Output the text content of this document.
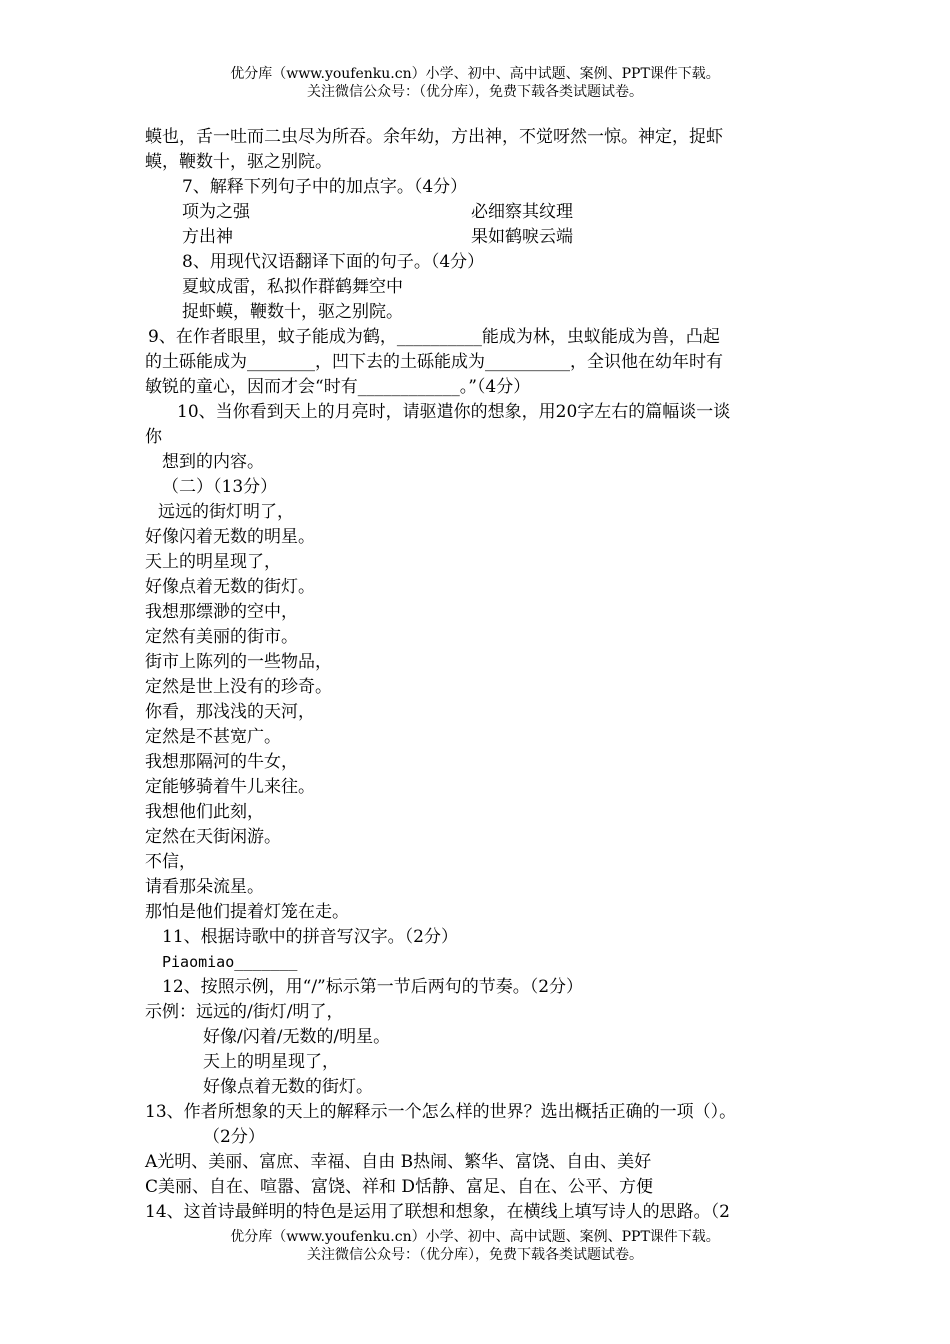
优分库（www.youfenku.cn）小学、初中、高中试题、案例、PPT课件下载。
关注微信公众号：（优分库），免费下载各类试题试卷。
蟆也，舌一吐而二虫尽为所吞。余年幼，方出神，不觉呀然一惊。神定，捉虾
蟆，鞭数十，驱之别院。
7、解释下列句子中的加点字。（4分）
项为之强	必细察其纹理
方出神	果如鹤唳云端
8、用现代汉语翻译下面的句子。（4分）
夏蚊成雷，私拟作群鹤舞空中
捉虾蟆，鞭数十，驱之别院。
9、在作者眼里，蚊子能成为鹤，__________能成为林，虫蚁能成为兽，凸起
的土砾能成为________，凹下去的土砾能成为__________，全识他在幼年时有
敏锐的童心，因而才会“时有____________。”（4分）
10、当你看到天上的月亮时，请驱遣你的想象，用20字左右的篇幅谈一谈
你
想到的内容。
（二）（13分）
远远的街灯明了，
好像闪着无数的明星。
天上的明星现了，
好像点着无数的街灯。
我想那缥渺的空中，
定然有美丽的街市。
街市上陈列的一些物品，
定然是世上没有的珍奇。
你看，那浅浅的天河，
定然是不甚宽广。
我想那隔河的牛女，
定能够骑着牛儿来往。
我想他们此刻，
定然在天街闲游。
不信，
请看那朵流星。
那怕是他们提着灯笼在走。
11、根据诗歌中的拼音写汉字。（2分）
Piaomiao_______
12、按照示例，用“/”标示第一节后两句的节奏。（2分）
示例：远远的/街灯/明了，
好像/闪着/无数的/明星。
天上的明星现了，
好像点着无数的街灯。
13、作者所想象的天上的解释示一个怎么样的世界？选出概括正确的一项（）。
（2分）
A光明、美丽、富庶、幸福、自由 B热闹、繁华、富饶、自由、美好
C美丽、自在、喧嚣、富饶、祥和 D恬静、富足、自在、公平、方便
14、这首诗最鲜明的特色是运用了联想和想象，在横线上填写诗人的思路。（2
优分库（www.youfenku.cn）小学、初中、高中试题、案例、PPT课件下载。
关注微信公众号：（优分库），免费下载各类试题试卷。
